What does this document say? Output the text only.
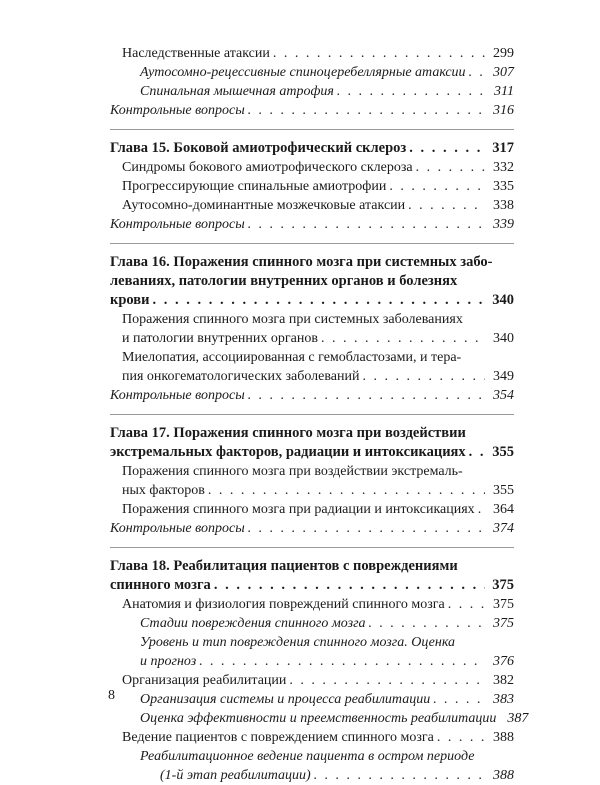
Наследственные атаксии . . .	299
Аутосомно-рецессивные спиноцеребеллярные атаксии . . .	307
Спинальная мышечная атрофия . . .	311
Контрольные вопросы . . .	316
Глава 15. Боковой амиотрофический склероз . . .	317
Синдромы бокового амиотрофического склероза . . .	332
Прогрессирующие спинальные амиотрофии . . .	335
Аутосомно-доминантные мозжечковые атаксии . . .	338
Контрольные вопросы . . .	339
Глава 16. Поражения спинного мозга при системных забо-
леваниях, патологии внутренних органов и болезнях
крови . . .	340
Поражения спинного мозга при системных заболеваниях
и патологии внутренних органов . . .	340
Миелопатия, ассоциированная с гемобластозами, и тера-
пия онкогематологических заболеваний . . .	349
Контрольные вопросы . . .	354
Глава 17. Поражения спинного мозга при воздействии
экстремальных факторов, радиации и интоксикациях . . . 355
Поражения спинного мозга при воздействии экстремаль-
ных факторов . . .	355
Поражения спинного мозга при радиации и интоксикациях . . .	364
Контрольные вопросы . . .	374
Глава 18. Реабилитация пациентов с повреждениями
спинного мозга . . .	375
Анатомия и физиология повреждений спинного мозга . . .	375
Стадии повреждения спинного мозга . . .	375
Уровень и тип повреждения спинного мозга. Оценка
и прогноз . . .	376
Организация реабилитации . . .	382
Организация системы и процесса реабилитации . . .	383
Оценка эффективности и преемственность реабилитации 387
Ведение пациентов с повреждением спинного мозга . . .	388
Реабилитационное ведение пациента в остром периоде
(1-й этап реабилитации) . . .	388
8
